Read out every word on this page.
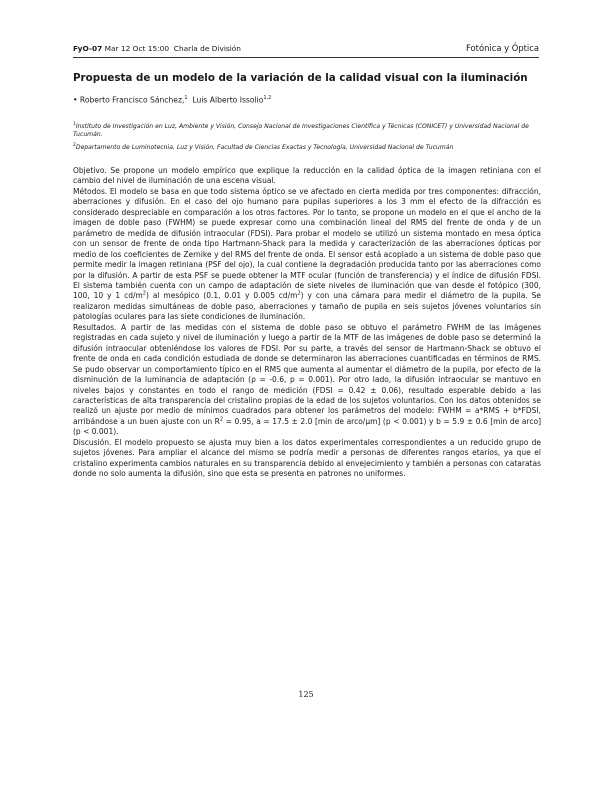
FyO-07 Mar 12 Oct 15:00 Charla de División	Fotónica y Óptica
Propuesta de un modelo de la variación de la calidad visual con la iluminación
• Roberto Francisco Sánchez,$^1$ Luis Alberto Issolio$^{1,2}$
$^1$Instituto de Investigación en Luz, Ambiente y Visión, Consejo Nacional de Investigaciones Científica y Técnicas (CONICET) y Universidad Nacional de Tucumán.
$^2$Departamento de Luminotecnia, Luz y Visión, Facultad de Ciencias Exactas y Tecnología, Universidad Nacional de Tucumán

Objetivo. Se propone un modelo empírico que explique la reducción en la calidad óptica de la imagen retiniana con el cambio del nivel de iluminación de una escena visual.

Métodos. El modelo se basa en que todo sistema óptico se ve afectado en cierta medida por tres componentes: difracción, aberraciones y difusión. En el caso del ojo humano para pupilas superiores a los 3 mm el efecto de la difracción es considerado despreciable en comparación a los otros factores. Por lo tanto, se propone un modelo en el que el ancho de la imagen de doble paso (FWHM) se puede expresar como una combinación lineal del RMS del frente de onda y de un parámetro de medida de difusión intraocular (FDSI). Para probar el modelo se utilizó un sistema montado en mesa óptica con un sensor de frente de onda tipo Hartmann-Shack para la medida y caracterización de las aberraciones ópticas por medio de los coeficientes de Zernike y del RMS del frente de onda. El sensor está acoplado a un sistema de doble paso que permite medir la imagen retiniana (PSF del ojo), la cual contiene la degradación producida tanto por las aberraciones como por la difusión. A partir de esta PSF se puede obtener la MTF ocular (función de transferencia) y el índice de difusión FDSI. El sistema también cuenta con un campo de adaptación de siete niveles de iluminación que van desde el fotópico (300, 100, 10 y 1 $cd/m^2$) al mesópico (0.1, 0.01 y 0.005 $cd/m^2$) y con una cámara para medir el diámetro de la pupila. Se realizaron medidas simultáneas de doble paso, aberraciones y tamaño de pupila en seis sujetos jóvenes voluntarios sin patologías oculares para las siete condiciones de iluminación.

Resultados. A partir de las medidas con el sistema de doble paso se obtuvo el parámetro FWHM de las imágenes registradas en cada sujeto y nivel de iluminación y luego a partir de la MTF de las imágenes de doble paso se determinó la difusión intraocular obteniéndose los valores de FDSI. Por su parte, a través del sensor de Hartmann-Shack se obtuvo el frente de onda en cada condición estudiada de donde se determinaron las aberraciones cuantificadas en términos de RMS. Se pudo observar un comportamiento típico en el RMS que aumenta al aumentar el diámetro de la pupila, por efecto de la disminución de la luminancia de adaptación (ρ = -0.6, p = 0.001). Por otro lado, la difusión intraocular se mantuvo en niveles bajos y constantes en todo el rango de medición (FDSI = 0.42 ± 0.06), resultado esperable debido a las características de alta transparencia del cristalino propias de la edad de los sujetos voluntarios. Con los datos obtenidos se realizó un ajuste por medio de mínimos cuadrados para obtener los parámetros del modelo: FWHM = a*RMS + b*FDSI, arribándose a un buen ajuste con un $R^2 = 0.95$, a = 17.5 ± 2.0 [min de arco/μm] (p < 0.001) y b = 5.9 ± 0.6 [min de arco] (p < 0.001).

Discusión. El modelo propuesto se ajusta muy bien a los datos experimentales correspondientes a un reducido grupo de sujetos jóvenes. Para ampliar el alcance del mismo se podría medir a personas de diferentes rangos etarios, ya que el cristalino experimenta cambios naturales en su transparencia debido al envejecimiento y también a personas con cataratas donde no solo aumenta la difusión, sino que esta se presenta en patrones no uniformes.

125
